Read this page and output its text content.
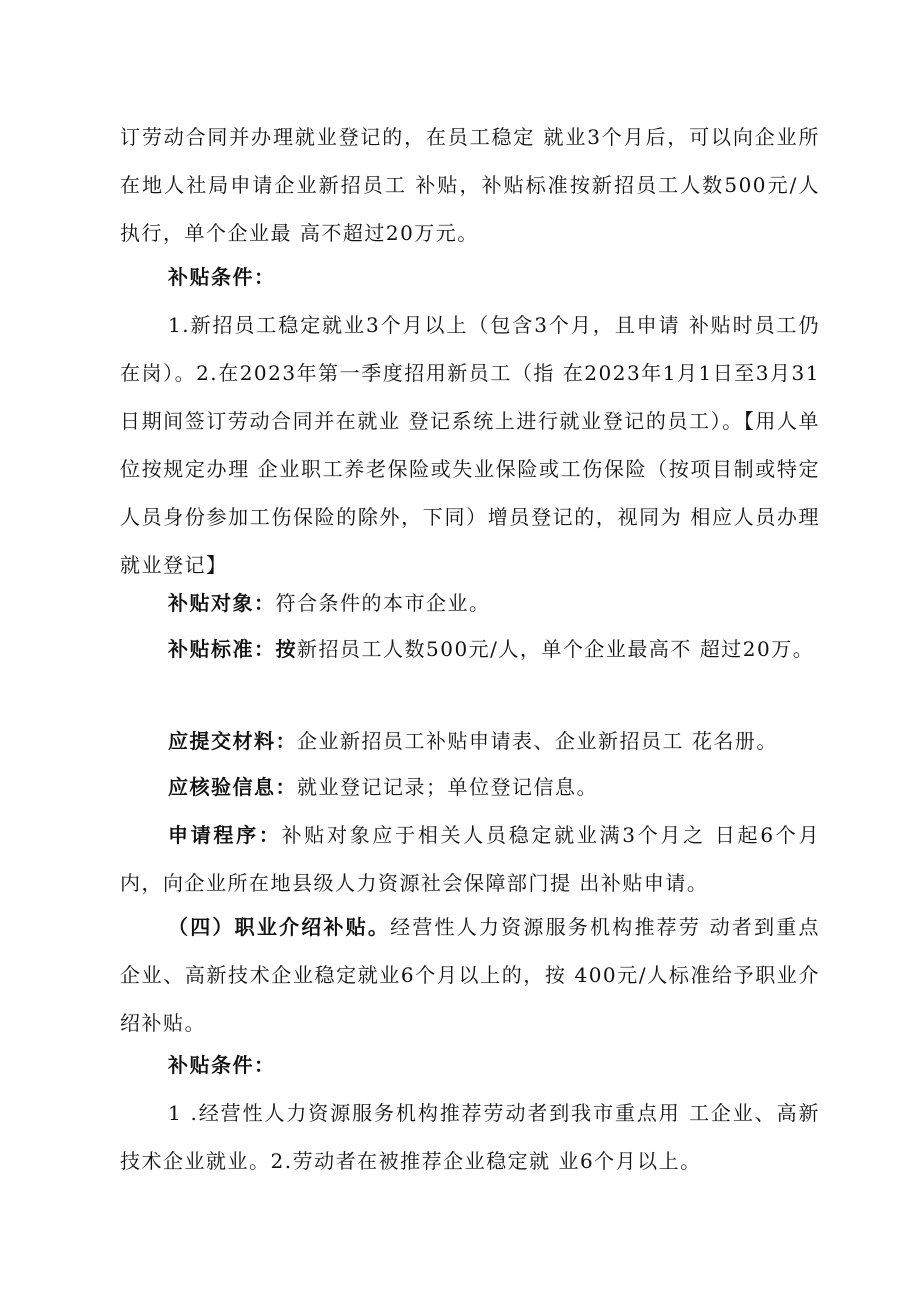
订劳动合同并办理就业登记的，在员工稳定 就业3个月后，可以向企业所在地人社局申请企业新招员工 补贴，补贴标准按新招员工人数500元/人执行，单个企业最 高不超过20万元。

补贴条件：

1.新招员工稳定就业3个月以上（包含3个月，且申请 补贴时员工仍在岗）。2.在2023年第一季度招用新员工（指 在2023年1月1日至3月31日期间签订劳动合同并在就业 登记系统上进行就业登记的员工）。【用人单位按规定办理 企业职工养老保险或失业保险或工伤保险（按项目制或特定 人员身份参加工伤保险的除外，下同）增员登记的，视同为 相应人员办理就业登记】

补贴对象：符合条件的本市企业。

补贴标准：按新招员工人数500元/人，单个企业最高不 超过20万。

应提交材料：企业新招员工补贴申请表、企业新招员工 花名册。

应核验信息：就业登记记录；单位登记信息。

申请程序：补贴对象应于相关人员稳定就业满3个月之 日起6个月内，向企业所在地县级人力资源社会保障部门提 出补贴申请。

（四）职业介绍补贴。经营性人力资源服务机构推荐劳 动者到重点企业、高新技术企业稳定就业6个月以上的，按 400元/人标准给予职业介绍补贴。

补贴条件：

1 .经营性人力资源服务机构推荐劳动者到我市重点用 工企业、高新技术企业就业。2.劳动者在被推荐企业稳定就 业6个月以上。
